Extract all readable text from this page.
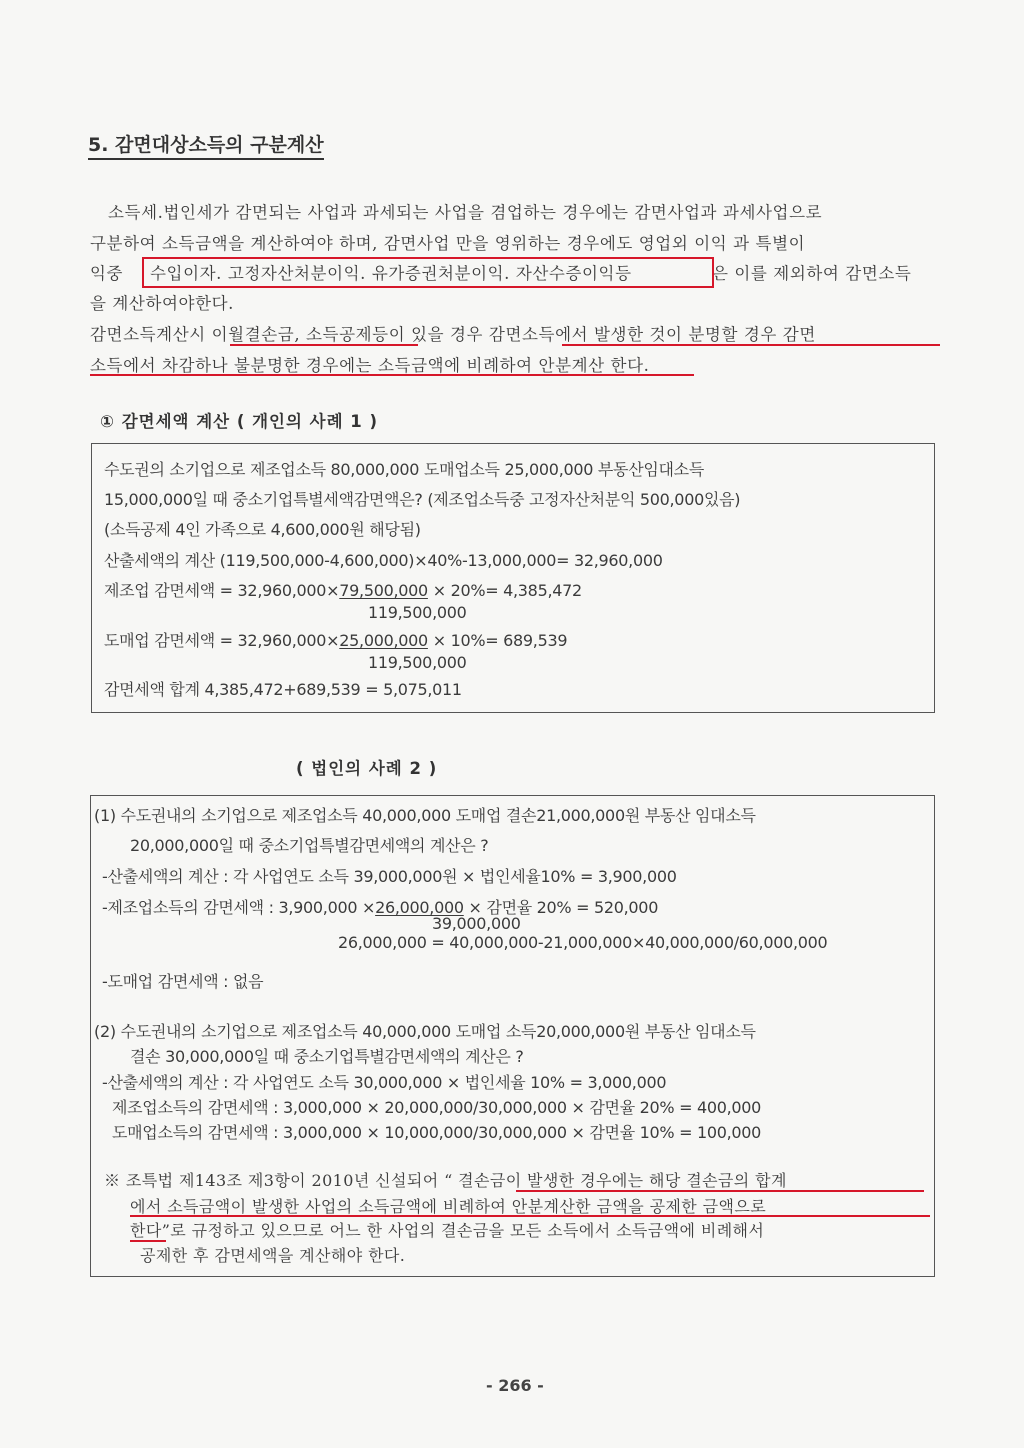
5. 감면대상소득의 구분계산
소득세.법인세가 감면되는 사업과 과세되는 사업을 겸업하는 경우에는 감면사업과 과세사업으로
구분하여 소득금액을 계산하여야 하며, 감면사업 만을 영위하는 경우에도 영업외 이익 과 특별이
익중 수입이자. 고정자산처분이익. 유가증권처분이익. 자산수증이익등	은 이를 제외하여 감면소득
을 계산하여야한다.
감면소득계산시 이월결손금, 소득공제등이 있을 경우 감면소득에서 발생한 것이 분명할 경우 감면
소득에서 차감하나 불분명한 경우에는 소득금액에 비례하여 안분계산 한다.
① 감면세액 계산 ( 개인의 사례 1 )
수도권의 소기업으로 제조업소득 80,000,000 도매업소득 25,000,000 부동산임대소득
15,000,000일 때 중소기업특별세액감면액은? (제조업소득중 고정자산처분익 500,000있음)
(소득공제 4인 가족으로 4,600,000원 해당됨)
산출세액의 계산 (119,500,000-4,600,000)×40%-13,000,000= 32,960,000
제조업 감면세액 = 32,960,000×79,500,000 × 20%= 4,385,472
119,500,000
도매업 감면세액 = 32,960,000×25,000,000 × 10%= 689,539
119,500,000
감면세액 합계 4,385,472+689,539 = 5,075,011
( 법인의 사례 2 )
(1) 수도권내의 소기업으로 제조업소득 40,000,000 도매업 결손21,000,000원 부동산 임대소득
20,000,000일 때 중소기업특별감면세액의 계산은 ?
-산출세액의 계산 : 각 사업연도 소득 39,000,000원 × 법인세율10% = 3,900,000
-제조업소득의 감면세액 : 3,900,000 ×26,000,000 × 감면율 20% = 520,000
39,000,000
26,000,000 = 40,000,000-21,000,000×40,000,000/60,000,000
-도매업 감면세액 : 없음
(2) 수도권내의 소기업으로 제조업소득 40,000,000 도매업 소득20,000,000원 부동산 임대소득
결손 30,000,000일 때 중소기업특별감면세액의 계산은 ?
-산출세액의 계산 : 각 사업연도 소득 30,000,000 × 법인세율 10% = 3,000,000
제조업소득의 감면세액 : 3,000,000 × 20,000,000/30,000,000 × 감면율 20% = 400,000
도매업소득의 감면세액 : 3,000,000 × 10,000,000/30,000,000 × 감면율 10% = 100,000
※ 조특법 제143조 제3항이 2010년 신설되어 “ 결손금이 발생한 경우에는 해당 결손금의 합계
에서 소득금액이 발생한 사업의 소득금액에 비례하여 안분계산한 금액을 공제한 금액으로
한다”로 규정하고 있으므로 어느 한 사업의 결손금을 모든 소득에서 소득금액에 비례해서
공제한 후 감면세액을 계산해야 한다.
- 266 -
